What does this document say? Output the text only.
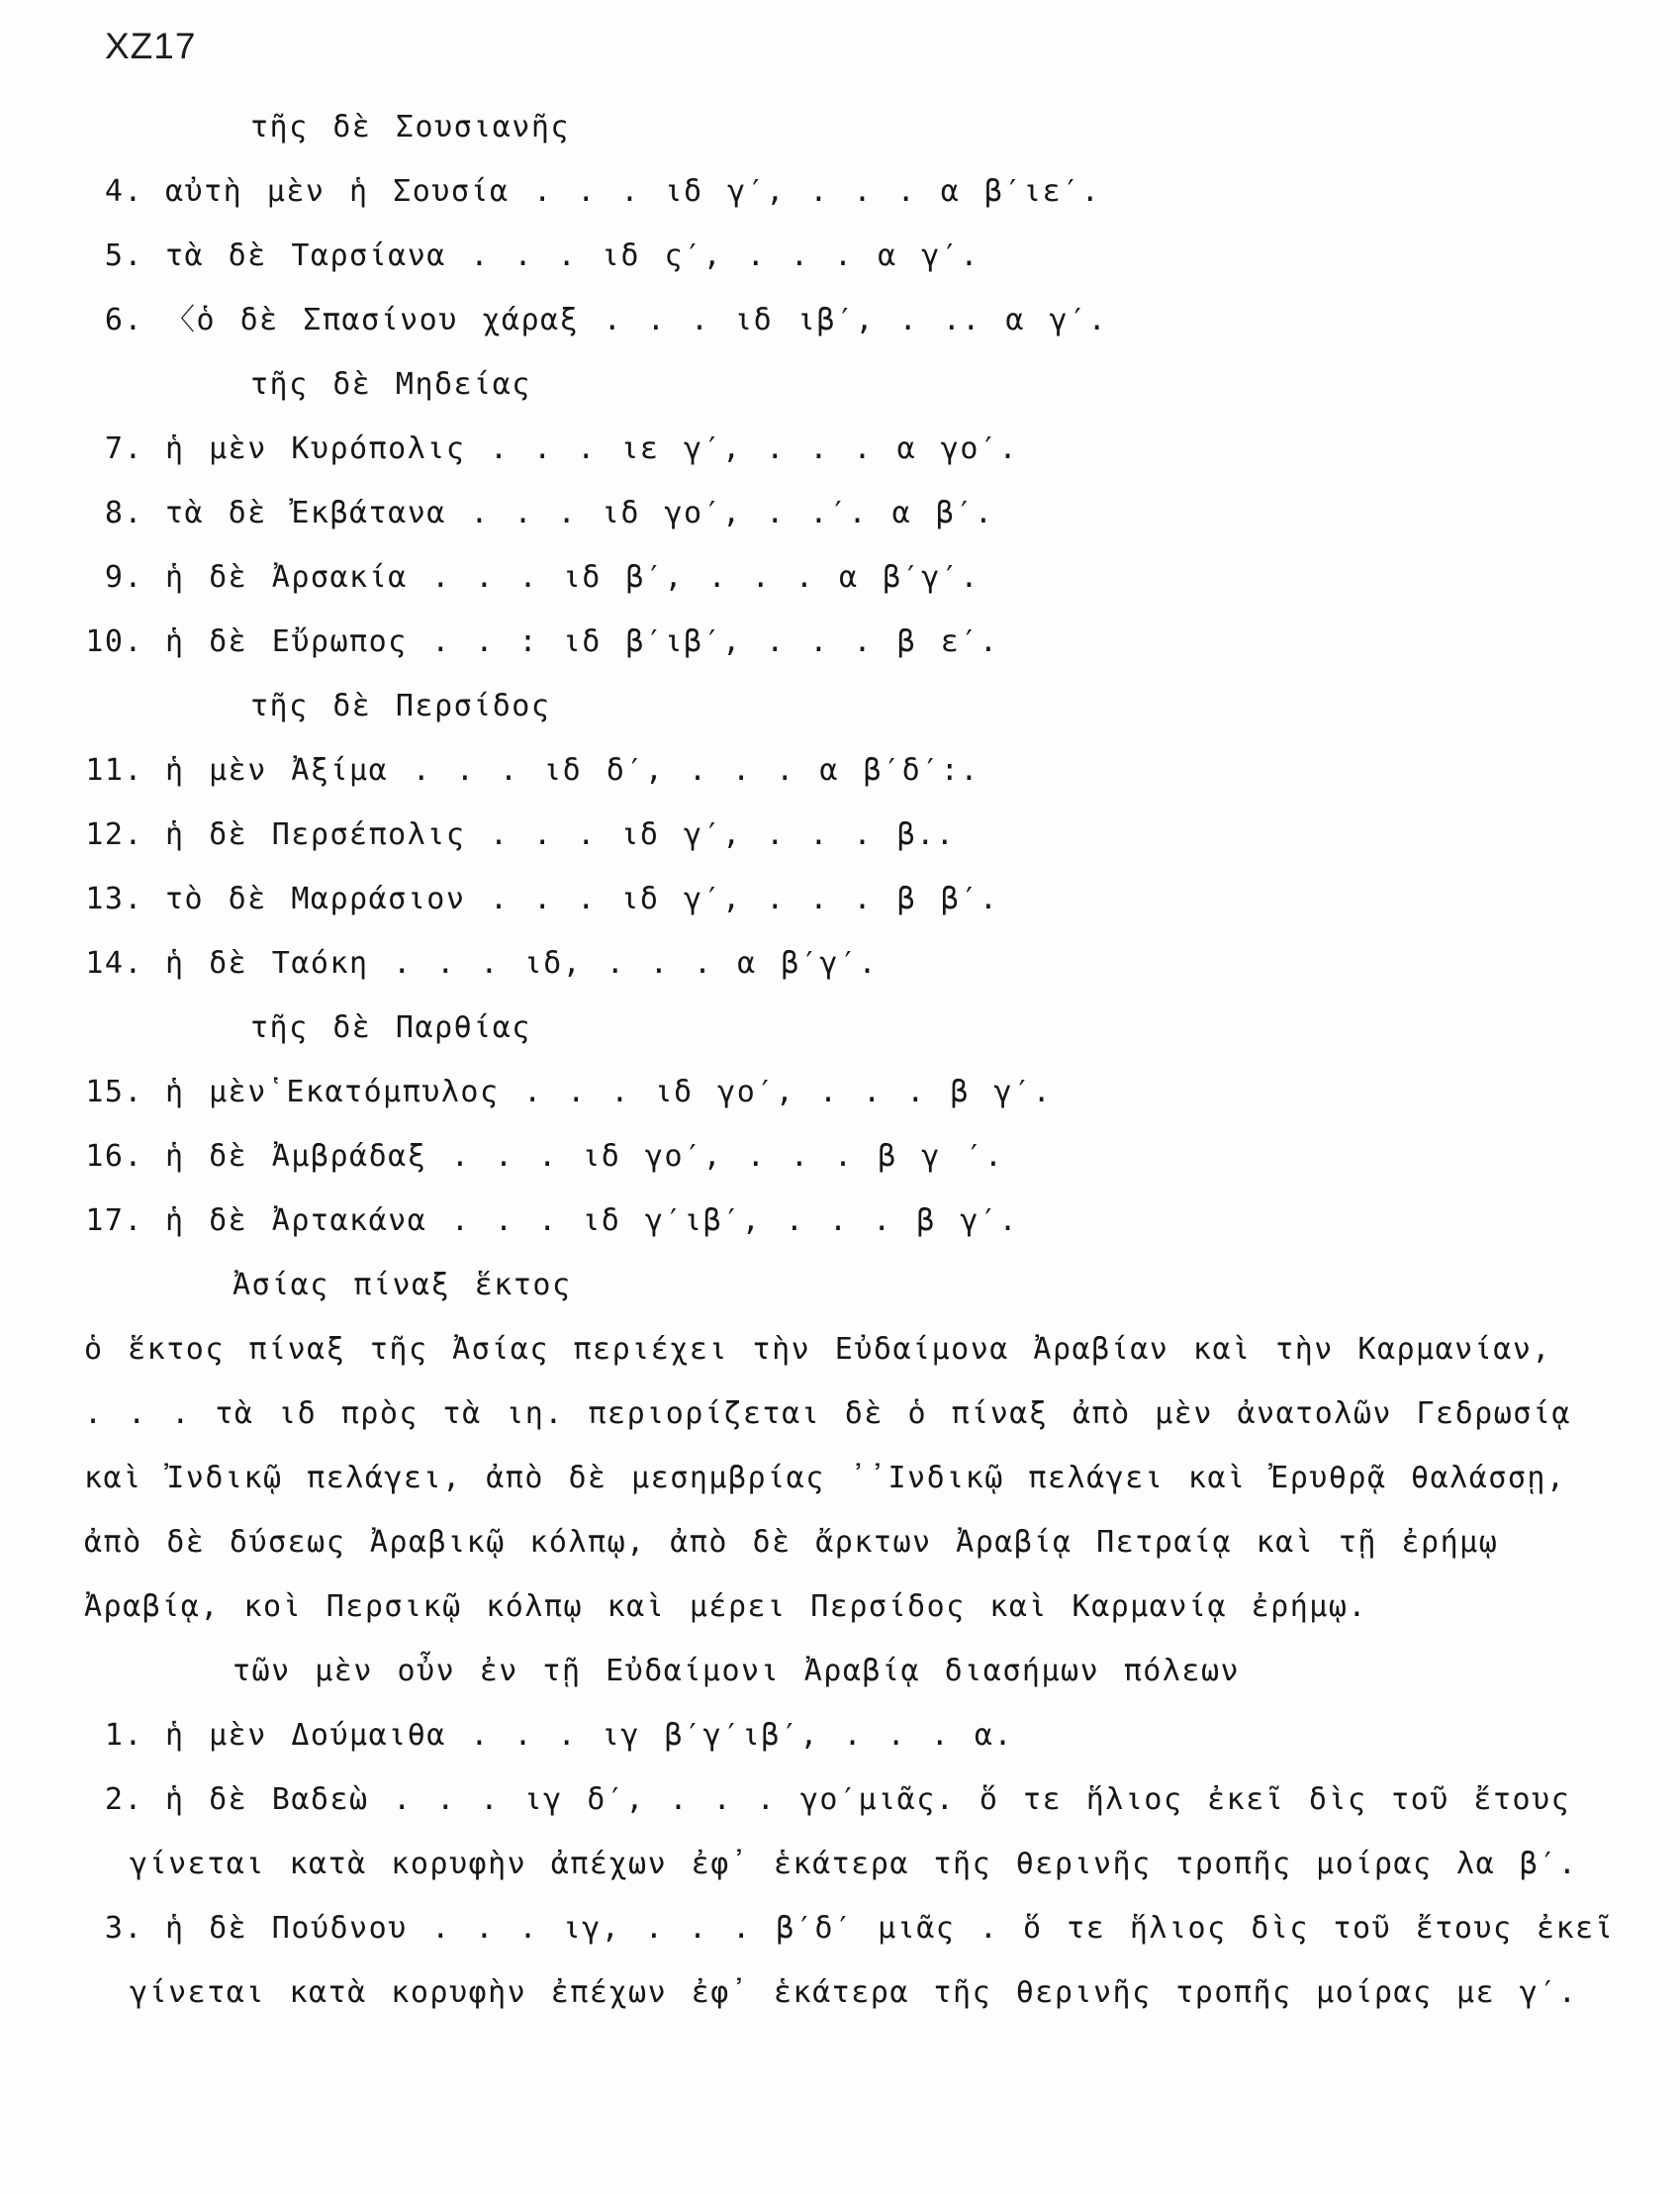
XZ17
τῆς δὲ Σουσιανῆς
4. αὐτὴ μὲν ἡ Σουσία . . . ιδ γ′, . . . α β′ιε′.
5. τὰ δὲ Ταρσίανα . . . ιδ ς′, . . . α γ′.
6. 〈ὁ δὲ Σπασίνου χάραξ . . . ιδ ιβ′, . .. α γ′.
τῆς δὲ Μηδείας
7. ἡ μὲν Κυρόπολις . . . ιε γ′, . . . α γο′.
8. τὰ δὲ Ἐκβάτανα . . . ιδ γο′, . .′. α β′.
9. ἡ δὲ Ἀρσακία . . . ιδ β′, . . . α β′γ′.
10. ἡ δὲ Εὔρωπος . . : ιδ β′ιβ′, . . . β ε′.
τῆς δὲ Περσίδος
11. ἡ μὲν Ἀξίμα . . . ιδ δ′, . . . α β′δ′:.
12. ἡ δὲ Περσέπολις . . . ιδ γ′, . . . β..
13. τὸ δὲ Μαρράσιον . . . ιδ γ′, . . . β β′.
14. ἡ δὲ Ταόκη . . . ιδ, . . . α β′γ′.
τῆς δὲ Παρθίας
15. ἡ μὲν῾Εκατόμπυλος . . . ιδ γο′, . . . β γ′.
16. ἡ δὲ Ἀμβράδαξ . . . ιδ γο′, . . . β γ ′.
17. ἡ δὲ Ἀρτακάνα . . . ιδ γ′ιβ′, . . . β γ′.
Ἀσίας πίναξ ἕκτος
ὁ ἕκτος πίναξ τῆς Ἀσίας περιέχει τὴν Εὐδαίμονα Ἀραβίαν καὶ τὴν Καρμανίαν,
. . . τὰ ιδ πρὸς τὰ ιη. περιορίζεται δὲ ὁ πίναξ ἀπὸ μὲν ἀνατολῶν Γεδρωσίᾳ
καὶ Ἰνδικῷ πελάγει, ἀπὸ δὲ μεσημβρίας ᾽᾽Ινδικῷ πελάγει καὶ Ἐρυθρᾷ θαλάσσῃ,
ἀπὸ δὲ δύσεως Ἀραβικῷ κόλπῳ, ἀπὸ δὲ ἄρκτων Ἀραβίᾳ Πετραίᾳ καὶ τῇ ἐρήμῳ
Ἀραβίᾳ, κοὶ Περσικῷ κόλπῳ καὶ μέρει Περσίδος καὶ Καρμανίᾳ ἐρήμῳ.
τῶν μὲν οὖν ἐν τῇ Εὐδαίμονι Ἀραβίᾳ διασήμων πόλεων
1. ἡ μὲν Δούμαιθα . . . ιγ β′γ′ιβ′, . . . α.
2. ἡ δὲ Βαδεὼ . . . ιγ δ′, . . . γο′μιᾶς. ὅ τε ἥλιος ἐκεῖ δὶς τοῦ ἔτους
γίνεται κατὰ κορυφὴν ἀπέχων ἐφ᾽ ἑκάτερα τῆς θερινῆς τροπῆς μοίρας λα β′.
3. ἡ δὲ Πούδνου . . . ιγ, . . . β′δ′ μιᾶς . ὅ τε ἥλιος δὶς τοῦ ἔτους ἐκεῖ
γίνεται κατὰ κορυφὴν ἐπέχων ἐφ᾽ ἑκάτερα τῆς θερινῆς τροπῆς μοίρας με γ′.
